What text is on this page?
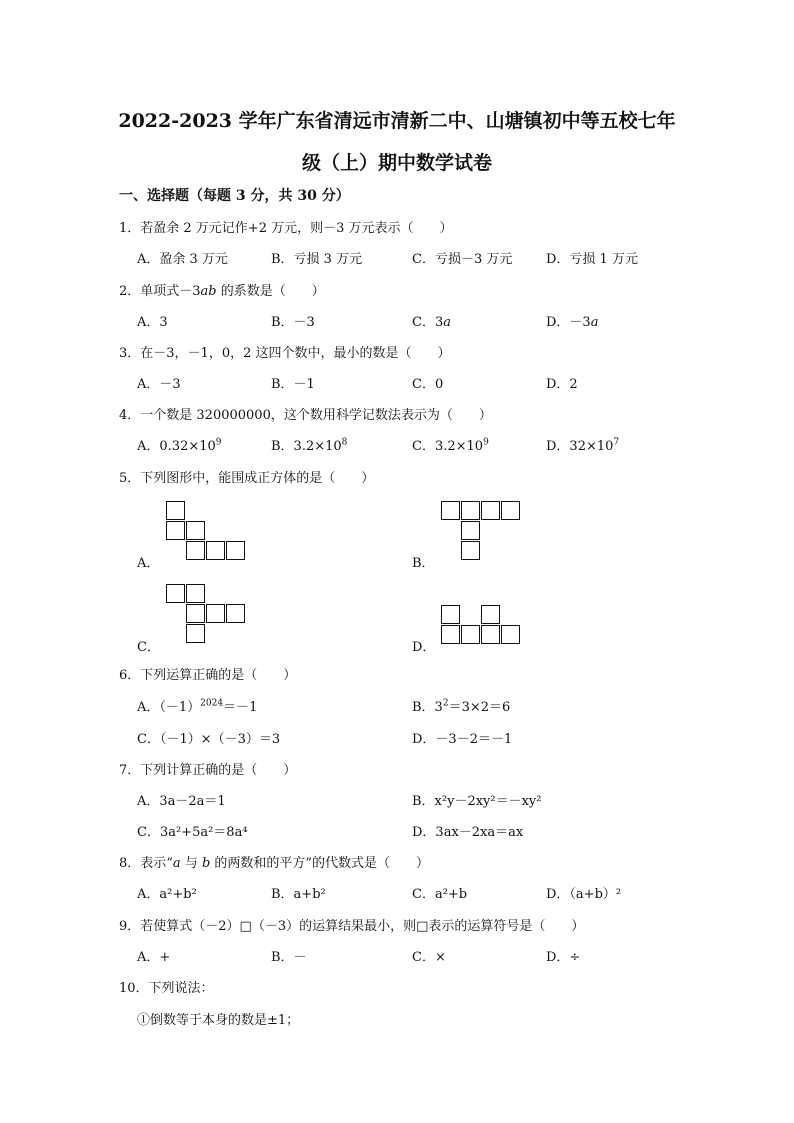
2022-2023 学年广东省清远市清新二中、山塘镇初中等五校七年
级（上）期中数学试卷
一、选择题（每题 3 分，共 30 分）
1．若盈余 2 万元记作+2 万元，则－3 万元表示（　　）
A．盈余 3 万元	B．亏损 3 万元	C．亏损－3 万元	D．亏损 1 万元
2．单项式－3ab 的系数是（　　）
A．3	B．－3	C．3a	D．－3a
3．在－3，－1，0，2 这四个数中，最小的数是（　　）
A．－3	B．－1	C．0	D．2
4．一个数是 320000000，这个数用科学记数法表示为（　　）
A．$0.32\times 10^9$	B．$3.2\times 10^8$	C．$3.2\times 10^9$	D．$32\times 10^7$
5．下列图形中，能围成正方体的是（　　）
A．	B．
C．	D．
6．下列运算正确的是（　　）
A．$(-1)^{2024}=-1$	B．$3^2=3\times 2=6$
C．（－1）×（－3）＝3	D．－3－2＝－1
7．下列计算正确的是（　　）
A．3a－2a＝1	B．x²y－2xy²＝－xy²
C．3a²+5a²＝8a⁴	D．3ax－2xa＝ax
8．表示“a 与 b 的两数和的平方”的代数式是（　　）
A．a²+b²	B．a+b²	C．a²+b	D．（a+b）²
9．若使算式（－2）□（－3）的运算结果最小，则□表示的运算符号是（　　）
A．+	B．－	C．×	D．÷
10．下列说法：
①倒数等于本身的数是±1；
